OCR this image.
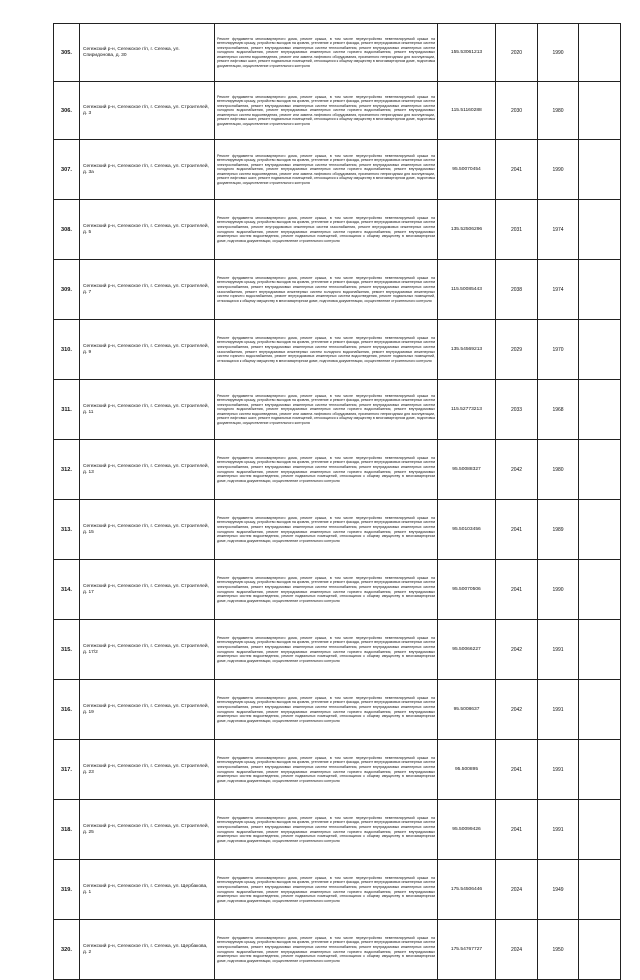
305.	Сегежский р-н, Сегежское г/п, г. Сегежа, ул. Спиридонова, д. 30	Ремонт фундамента многоквартирного дома, ремонт крыши, в том числе переустройство невентилируемой крыши на вентилируемую крышу, устройство выходов на кровлю, утепление и ремонт фасада, ремонт внутридомовых инженерных систем электроснабжения, ремонт внутридомовых инженерных систем теплоснабжения, ремонт внутридомовых инженерных систем холодного водоснабжения, ремонт внутридомовых инженерных систем горячего водоснабжения, ремонт внутридомовых инженерных систем водоотведения, ремонт или замена лифтового оборудования, признанного непригодным для эксплуатации, ремонт лифтовых шахт, ремонт подвальных помещений, относящихся к общему имуществу в многоквартирном доме, подготовка документации, осуществление строительного контроля	155.53061213	2020	1990	
306.	Сегежский р-н, Сегежское г/п, г. Сегежа, ул. Строителей, д. 3	Ремонт фундамента многоквартирного дома, ремонт крыши, в том числе переустройство невентилируемой крыши на вентилируемую крышу, устройство выходов на кровлю, утепление и ремонт фасада, ремонт внутридомовых инженерных систем электроснабжения, ремонт внутридомовых инженерных систем теплоснабжения, ремонт внутридомовых инженерных систем холодного водоснабжения, ремонт внутридомовых инженерных систем горячего водоснабжения, ремонт внутридомовых инженерных систем водоотведения, ремонт или замена лифтового оборудования, признанного непригодным для эксплуатации, ремонт лифтовых шахт, ремонт подвальных помещений, относящихся к общему имуществу в многоквартирном доме, подготовка документации, осуществление строительного контроля	115.51160288	2030	1980	
307.	Сегежский р-н, Сегежское г/п, г. Сегежа, ул. Строителей, д. 3а	Ремонт фундамента многоквартирного дома, ремонт крыши, в том числе переустройство невентилируемой крыши на вентилируемую крышу, устройство выходов на кровлю, утепление и ремонт фасада, ремонт внутридомовых инженерных систем электроснабжения, ремонт внутридомовых инженерных систем теплоснабжения, ремонт внутридомовых инженерных систем холодного водоснабжения, ремонт внутридомовых инженерных систем горячего водоснабжения, ремонт внутридомовых инженерных систем водоотведения, ремонт или замена лифтового оборудования, признанного непригодным для эксплуатации, ремонт лифтовых шахт, ремонт подвальных помещений, относящихся к общему имуществу в многоквартирном доме, подготовка документации, осуществление строительного контроля	95.50070454	2041	1990	
308.	Сегежский р-н, Сегежское г/п, г. Сегежа, ул. Строителей, д. 5	Ремонт фундамента многоквартирного дома, ремонт крыши, в том числе переустройство невентилируемой крыши на вентилируемую крышу, устройство выходов на кровлю, утепление и ремонт фасада, ремонт внутридомовых инженерных систем электроснабжения, ремонт внутридомовых инженерных систем газоснабжения, ремонт внутридомовых инженерных систем холодного водоснабжения, ремонт внутридомовых инженерных систем горячего водоснабжения, ремонт внутридомовых инженерных систем водоотведения, ремонт подвальных помещений, относящихся к общему имуществу в многоквартирном доме, подготовка документации, осуществление строительного контроля	135.52506296	2031	1974	
309.	Сегежский р-н, Сегежское г/п, г. Сегежа, ул. Строителей, д. 7	Ремонт фундамента многоквартирного дома, ремонт крыши, в том числе переустройство невентилируемой крыши на вентилируемую крышу, устройство выходов на кровлю, утепление и ремонт фасада, ремонт внутридомовых инженерных систем электроснабжения, ремонт внутридомовых инженерных систем теплоснабжения, ремонт внутридомовых инженерных систем газоснабжения, ремонт внутридомовых инженерных систем холодного водоснабжения, ремонт внутридомовых инженерных систем горячего водоснабжения, ремонт внутридомовых инженерных систем водоотведения, ремонт подвальных помещений, относящихся к общему имуществу в многоквартирном доме, подготовка документации, осуществление строительного контроля	115.50085443	2038	1974	
310.	Сегежский р-н, Сегежское г/п, г. Сегежа, ул. Строителей, д. 9	Ремонт фундамента многоквартирного дома, ремонт крыши, в том числе переустройство невентилируемой крыши на вентилируемую крышу, устройство выходов на кровлю, утепление и ремонт фасада, ремонт внутридомовых инженерных систем электроснабжения, ремонт внутридомовых инженерных систем теплоснабжения, ремонт внутридомовых инженерных систем газоснабжения, ремонт внутридомовых инженерных систем холодного водоснабжения, ремонт внутридомовых инженерных систем горячего водоснабжения, ремонт внутридомовых инженерных систем водоотведения, ремонт подвальных помещений, относящихся к общему имуществу в многоквартирном доме, подготовка документации, осуществление строительного контроля	135.54569213	2029	1970	
311.	Сегежский р-н, Сегежское г/п, г. Сегежа, ул. Строителей, д. 11	Ремонт фундамента многоквартирного дома, ремонт крыши, в том числе переустройство невентилируемой крыши на вентилируемую крышу, устройство выходов на кровлю, утепление и ремонт фасада, ремонт внутридомовых инженерных систем электроснабжения, ремонт внутридомовых инженерных систем теплоснабжения, ремонт внутридомовых инженерных систем холодного водоснабжения, ремонт внутридомовых инженерных систем горячего водоснабжения, ремонт внутридомовых инженерных систем водоотведения, ремонт или замена лифтового оборудования, признанного непригодным для эксплуатации, ремонт лифтовых шахт, ремонт подвальных помещений, относящихся к общему имуществу в многоквартирном доме, подготовка документации, осуществление строительного контроля	115.52773213	2033	1968	
312.	Сегежский р-н, Сегежское г/п, г. Сегежа, ул. Строителей, д. 13	Ремонт фундамента многоквартирного дома, ремонт крыши, в том числе переустройство невентилируемой крыши на вентилируемую крышу, устройство выходов на кровлю, утепление и ремонт фасада, ремонт внутридомовых инженерных систем электроснабжения, ремонт внутридомовых инженерных систем теплоснабжения, ремонт внутридомовых инженерных систем холодного водоснабжения, ремонт внутридомовых инженерных систем горячего водоснабжения, ремонт внутридомовых инженерных систем водоотведения, ремонт подвальных помещений, относящихся к общему имуществу в многоквартирном доме, подготовка документации, осуществление строительного контроля	95.50088327	2042	1980	
313.	Сегежский р-н, Сегежское г/п, г. Сегежа, ул. Строителей, д. 15	Ремонт фундамента многоквартирного дома, ремонт крыши, в том числе переустройство невентилируемой крыши на вентилируемую крышу, устройство выходов на кровлю, утепление и ремонт фасада, ремонт внутридомовых инженерных систем электроснабжения, ремонт внутридомовых инженерных систем теплоснабжения, ремонт внутридомовых инженерных систем холодного водоснабжения, ремонт внутридомовых инженерных систем горячего водоснабжения, ремонт внутридомовых инженерных систем водоотведения, ремонт подвальных помещений, относящихся к общему имуществу в многоквартирном доме, подготовка документации, осуществление строительного контроля	95.50103456	2041	1989	
314.	Сегежский р-н, Сегежское г/п, г. Сегежа, ул. Строителей, д. 17	Ремонт фундамента многоквартирного дома, ремонт крыши, в том числе переустройство невентилируемой крыши на вентилируемую крышу, устройство выходов на кровлю, утепление и ремонт фасада, ремонт внутридомовых инженерных систем электроснабжения, ремонт внутридомовых инженерных систем теплоснабжения, ремонт внутридомовых инженерных систем холодного водоснабжения, ремонт внутридомовых инженерных систем горячего водоснабжения, ремонт внутридомовых инженерных систем водоотведения, ремонт подвальных помещений, относящихся к общему имуществу в многоквартирном доме, подготовка документации, осуществление строительного контроля	95.50070506	2041	1990	
315.	Сегежский р-н, Сегежское г/п, г. Сегежа, ул. Строителей, д. 17/2	Ремонт фундамента многоквартирного дома, ремонт крыши, в том числе переустройство невентилируемой крыши на вентилируемую крышу, устройство выходов на кровлю, утепление и ремонт фасада, ремонт внутридомовых инженерных систем электроснабжения, ремонт внутридомовых инженерных систем теплоснабжения, ремонт внутридомовых инженерных систем холодного водоснабжения, ремонт внутридомовых инженерных систем горячего водоснабжения, ремонт внутридомовых инженерных систем водоотведения, ремонт подвальных помещений, относящихся к общему имуществу в многоквартирном доме, подготовка документации, осуществление строительного контроля	95.50066227	2042	1991	
316.	Сегежский р-н, Сегежское г/п, г. Сегежа, ул. Строителей, д. 19	Ремонт фундамента многоквартирного дома, ремонт крыши, в том числе переустройство невентилируемой крыши на вентилируемую крышу, устройство выходов на кровлю, утепление и ремонт фасада, ремонт внутридомовых инженерных систем электроснабжения, ремонт внутридомовых инженерных систем теплоснабжения, ремонт внутридомовых инженерных систем холодного водоснабжения, ремонт внутридомовых инженерных систем горячего водоснабжения, ремонт внутридомовых инженерных систем водоотведения, ремонт подвальных помещений, относящихся к общему имуществу в многоквартирном доме, подготовка документации, осуществление строительного контроля	95.5008637	2042	1991	
317.	Сегежский р-н, Сегежское г/п, г. Сегежа, ул. Строителей, д. 23	Ремонт фундамента многоквартирного дома, ремонт крыши, в том числе переустройство невентилируемой крыши на вентилируемую крышу, устройство выходов на кровлю, утепление и ремонт фасада, ремонт внутридомовых инженерных систем электроснабжения, ремонт внутридомовых инженерных систем теплоснабжения, ремонт внутридомовых инженерных систем холодного водоснабжения, ремонт внутридомовых инженерных систем горячего водоснабжения, ремонт внутридомовых инженерных систем водоотведения, ремонт подвальных помещений, относящихся к общему имуществу в многоквартирном доме, подготовка документации, осуществление строительного контроля	95.500895	2041	1991	
318.	Сегежский р-н, Сегежское г/п, г. Сегежа, ул. Строителей, д. 25	Ремонт фундамента многоквартирного дома, ремонт крыши, в том числе переустройство невентилируемой крыши на вентилируемую крышу, устройство выходов на кровлю, утепление и ремонт фасада, ремонт внутридомовых инженерных систем электроснабжения, ремонт внутридомовых инженерных систем теплоснабжения, ремонт внутридомовых инженерных систем холодного водоснабжения, ремонт внутридомовых инженерных систем горячего водоснабжения, ремонт внутридомовых инженерных систем водоотведения, ремонт подвальных помещений, относящихся к общему имуществу в многоквартирном доме, подготовка документации, осуществление строительного контроля	95.50099426	2041	1991	
319.	Сегежский р-н, Сегежское г/п, г. Сегежа, ул. Щербакова, д. 1	Ремонт фундамента многоквартирного дома, ремонт крыши, в том числе переустройство невентилируемой крыши на вентилируемую крышу, устройство выходов на кровлю, утепление и ремонт фасада, ремонт внутридомовых инженерных систем электроснабжения, ремонт внутридомовых инженерных систем теплоснабжения, ремонт внутридомовых инженерных систем холодного водоснабжения, ремонт внутридомовых инженерных систем горячего водоснабжения, ремонт внутридомовых инженерных систем водоотведения, ремонт подвальных помещений, относящихся к общему имуществу в многоквартирном доме, подготовка документации, осуществление строительного контроля	175.54506446	2024	1949	
320.	Сегежский р-н, Сегежское г/п, г. Сегежа, ул. Щербакова, д. 2	Ремонт фундамента многоквартирного дома, ремонт крыши, в том числе переустройство невентилируемой крыши на вентилируемую крышу, устройство выходов на кровлю, утепление и ремонт фасада, ремонт внутридомовых инженерных систем электроснабжения, ремонт внутридомовых инженерных систем теплоснабжения, ремонт внутридомовых инженерных систем холодного водоснабжения, ремонт внутридомовых инженерных систем горячего водоснабжения, ремонт внутридомовых инженерных систем водоотведения, ремонт подвальных помещений, относящихся к общему имуществу в многоквартирном доме, подготовка документации, осуществление строительного контроля	175.54767727	2024	1950	
